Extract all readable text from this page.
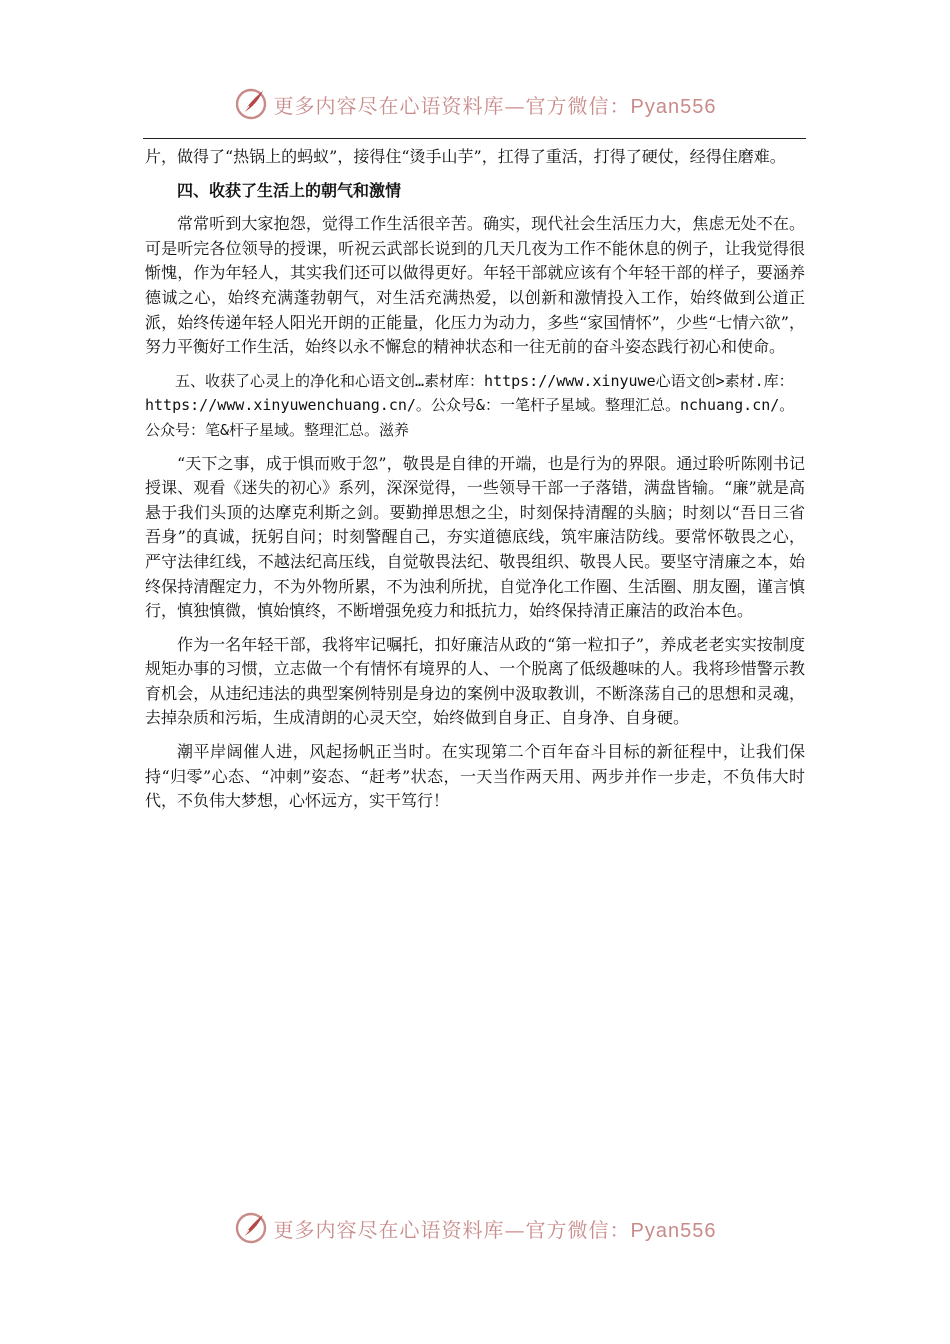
更多内容尽在心语资料库—官方微信：Pyan556

片，做得了“热锅上的蚂蚁”，接得住“烫手山芋”，扛得了重活，打得了硬仗，经得住磨难。

四、收获了生活上的朝气和激情

常常听到大家抱怨，觉得工作生活很辛苦。确实，现代社会生活压力大，焦虑无处不在。可是听完各位领导的授课，听祝云武部长说到的几天几夜为工作不能休息的例子，让我觉得很惭愧，作为年轻人，其实我们还可以做得更好。年轻干部就应该有个年轻干部的样子，要涵养德诚之心，始终充满蓬勃朝气，对生活充满热爱，以创新和激情投入工作，始终做到公道正派，始终传递年轻人阳光开朗的正能量，化压力为动力，多些“家国情怀”，少些“七情六欲”，努力平衡好工作生活，始终以永不懈怠的精神状态和一往无前的奋斗姿态践行初心和使命。

五、收获了心灵上的净化和心语文创…素材库：https://www.xinyuwe心语文创>素材.库：https://www.xinyuwenchuang.cn/。公众号&：一笔杆子星域。整理汇总。nchuang.cn/。公众号：笔&杆子星域。整理汇总。滋养

“天下之事，成于惧而败于忽”，敬畏是自律的开端，也是行为的界限。通过聆听陈刚书记授课、观看《迷失的初心》系列，深深觉得，一些领导干部一子落错，满盘皆输。“廉”就是高悬于我们头顶的达摩克利斯之剑。要勤掸思想之尘，时刻保持清醒的头脑；时刻以“吾日三省吾身”的真诚，抚躬自问；时刻警醒自己，夯实道德底线，筑牢廉洁防线。要常怀敬畏之心，严守法律红线，不越法纪高压线，自觉敬畏法纪、敬畏组织、敬畏人民。要坚守清廉之本，始终保持清醒定力，不为外物所累，不为浊利所扰，自觉净化工作圈、生活圈、朋友圈，谨言慎行，慎独慎微，慎始慎终，不断增强免疫力和抵抗力，始终保持清正廉洁的政治本色。

作为一名年轻干部，我将牢记嘱托，扣好廉洁从政的“第一粒扣子”，养成老老实实按制度规矩办事的习惯，立志做一个有情怀有境界的人、一个脱离了低级趣味的人。我将珍惜警示教育机会，从违纪违法的典型案例特别是身边的案例中汲取教训，不断涤荡自己的思想和灵魂，去掉杂质和污垢，生成清朗的心灵天空，始终做到自身正、自身净、自身硬。

潮平岸阔催人进，风起扬帆正当时。在实现第二个百年奋斗目标的新征程中，让我们保持“归零”心态、“冲刺”姿态、“赶考”状态，一天当作两天用、两步并作一步走，不负伟大时代，不负伟大梦想，心怀远方，实干笃行！

更多内容尽在心语资料库—官方微信：Pyan556
